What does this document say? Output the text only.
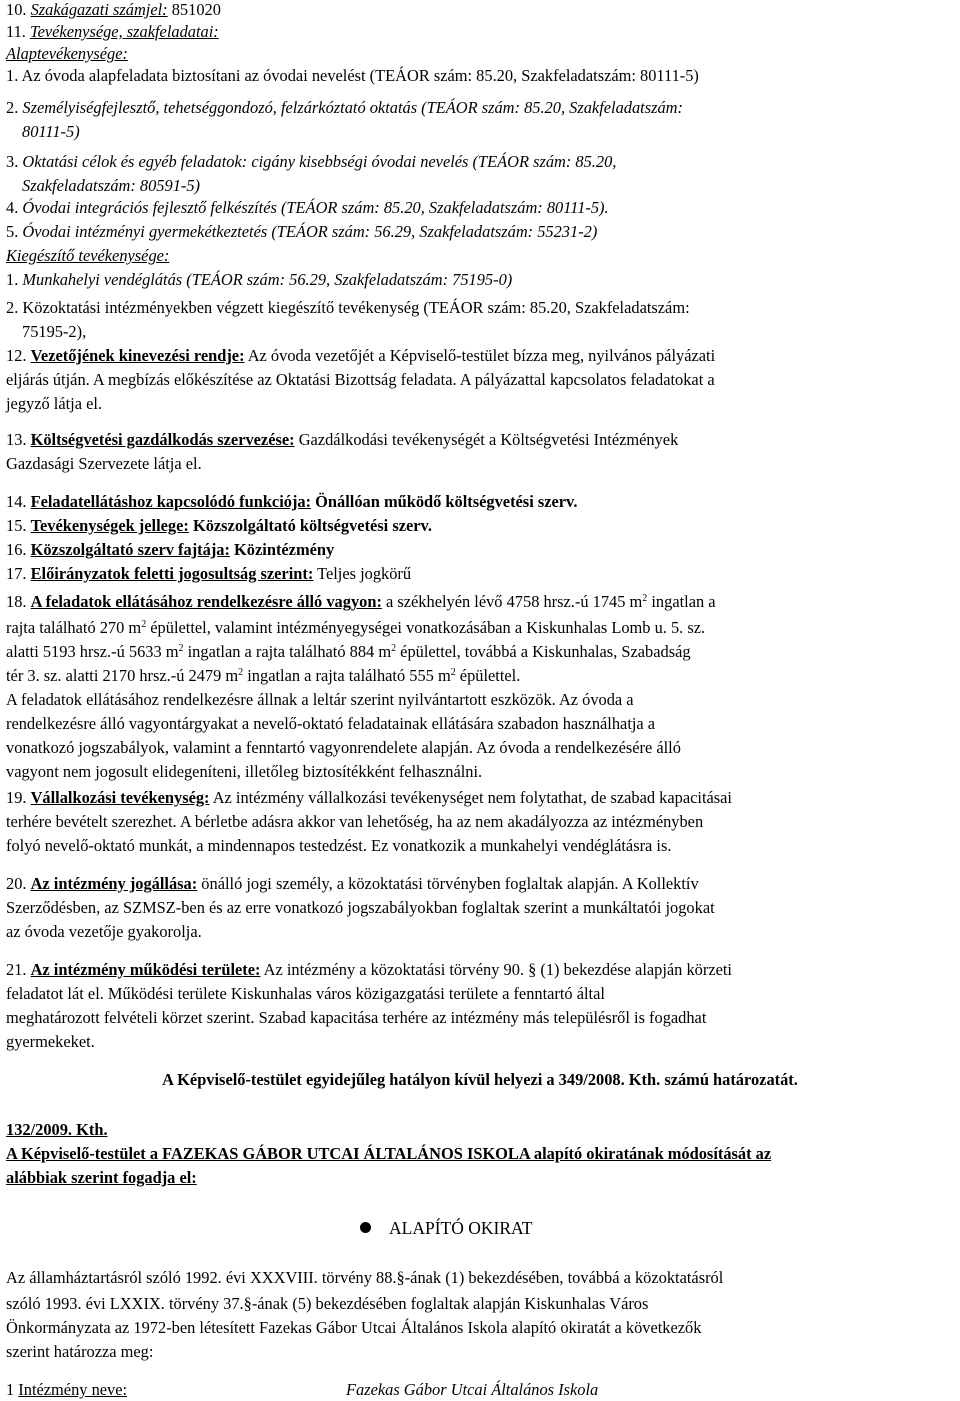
10. Szakágazati számjel: 851020
11. Tevékenysége, szakfeladatai:
Alaptevékenysége:
1. Az óvoda alapfeladata biztosítani az óvodai nevelést (TEÁOR szám: 85.20, Szakfeladatszám: 80111-5)
2. Személyiségfejlesztő, tehetséggondozó, felzárkóztató oktatás (TEÁOR szám: 85.20, Szakfeladatszám:
80111-5)
3. Oktatási célok és egyéb feladatok: cigány kisebbségi óvodai nevelés (TEÁOR szám: 85.20,
Szakfeladatszám: 80591-5)
4. Óvodai integrációs fejlesztő felkészítés (TEÁOR szám: 85.20, Szakfeladatszám: 80111-5).
5. Óvodai intézményi gyermekétkeztetés (TEÁOR szám: 56.29, Szakfeladatszám: 55231-2)
Kiegészítő tevékenysége:
1. Munkahelyi vendéglátás (TEÁOR szám: 56.29, Szakfeladatszám: 75195-0)
2. Közoktatási intézményekben végzett kiegészítő tevékenység (TEÁOR szám: 85.20, Szakfeladatszám:
75195-2),
12. Vezetőjének kinevezési rendje: Az óvoda vezetőjét a Képviselő-testület bízza meg, nyilvános pályázati
eljárás útján. A megbízás előkészítése az Oktatási Bizottság feladata. A pályázattal kapcsolatos feladatokat a
jegyző látja el.
13. Költségvetési gazdálkodás szervezése: Gazdálkodási tevékenységét a Költségvetési Intézmények
Gazdasági Szervezete látja el.
14. Feladatellátáshoz kapcsolódó funkciója: Önállóan működő költségvetési szerv.
15. Tevékenységek jellege: Közszolgáltató költségvetési szerv.
16. Közszolgáltató szerv fajtája: Közintézmény
17. Előirányzatok feletti jogosultság szerint: Teljes jogkörű
18. A feladatok ellátásához rendelkezésre álló vagyon: a székhelyén lévő 4758 hrsz.-ú 1745 $m^2$ ingatlan a
rajta található 270 $m^2$ épülettel, valamint intézményegységei vonatkozásában a Kiskunhalas Lomb u. 5. sz.
alatti 5193 hrsz.-ú 5633 $m^2$ ingatlan a rajta található 884 $m^2$ épülettel, továbbá a Kiskunhalas, Szabadság
tér 3. sz. alatti 2170 hrsz.-ú 2479 $m^2$ ingatlan a rajta található 555 $m^2$ épülettel.
A feladatok ellátásához rendelkezésre állnak a leltár szerint nyilvántartott eszközök. Az óvoda a
rendelkezésre álló vagyontárgyakat a nevelő-oktató feladatainak ellátására szabadon használhatja a
vonatkozó jogszabályok, valamint a fenntartó vagyonrendelete alapján. Az óvoda a rendelkezésére álló
vagyont nem jogosult elidegeníteni, illetőleg biztosítékként felhasználni.
19. Vállalkozási tevékenység: Az intézmény vállalkozási tevékenységet nem folytathat, de szabad kapacitásai
terhére bevételt szerezhet. A bérletbe adásra akkor van lehetőség, ha az nem akadályozza az intézményben
folyó nevelő-oktató munkát, a mindennapos testedzést. Ez vonatkozik a munkahelyi vendéglátásra is.
20. Az intézmény jogállása: önálló jogi személy, a közoktatási törvényben foglaltak alapján. A Kollektív
Szerződésben, az SZMSZ-ben és az erre vonatkozó jogszabályokban foglaltak szerint a munkáltatói jogokat
az óvoda vezetője gyakorolja.
21. Az intézmény működési területe: Az intézmény a közoktatási törvény 90. § (1) bekezdése alapján körzeti
feladatot lát el. Működési területe Kiskunhalas város közigazgatási területe a fenntartó által
meghatározott felvételi körzet szerint. Szabad kapacitása terhére az intézmény más településről is fogadhat
gyermekeket.
A Képviselő-testület egyidejűleg hatályon kívül helyezi a 349/2008. Kth. számú határozatát.
132/2009. Kth.
A Képviselő-testület a FAZEKAS GÁBOR UTCAI ÁLTALÁNOS ISKOLA alapító okiratának módosítását az
alábbiak szerint fogadja el:
ALAPÍTÓ OKIRAT
Az államháztartásról szóló 1992. évi XXXVIII. törvény 88.§-ának (1) bekezdésében, továbbá a közoktatásról
szóló 1993. évi LXXIX. törvény 37.§-ának (5) bekezdésében foglaltak alapján Kiskunhalas Város
Önkormányzata az 1972-ben létesített Fazekas Gábor Utcai Általános Iskola alapító okiratát a következők
szerint határozza meg:
1 Intézmény neve:	Fazekas Gábor Utcai Általános Iskola
